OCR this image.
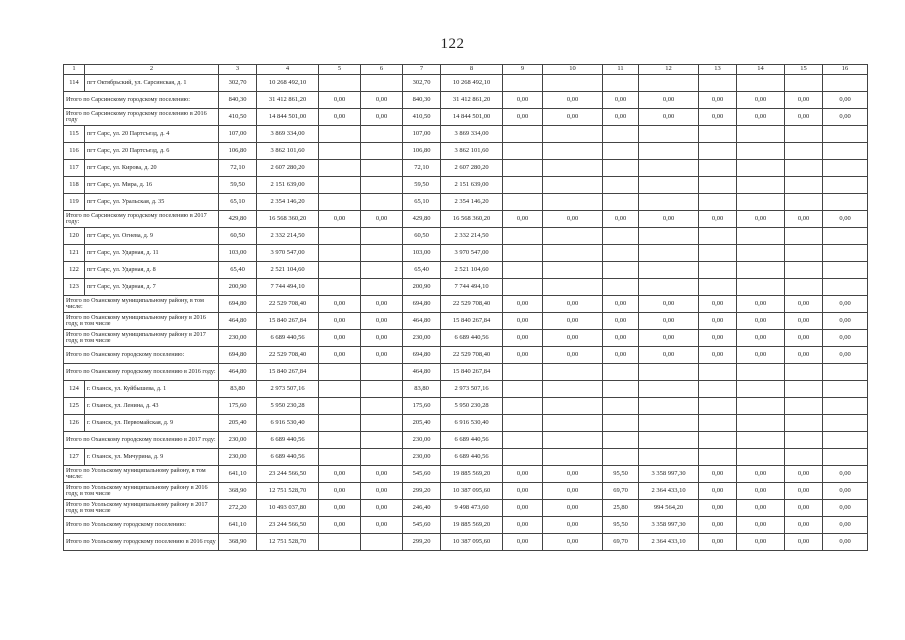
122
1	2	3	4	5	6	7	8	9	10	11	12	13	14	15	16
114	пгт Октябрьский, ул. Сарсинская, д. 1	302,70	10 268 492,10			302,70	10 268 492,10								
Итого по Сарсинскому городскому поселению:		840,30	31 412 861,20	0,00	0,00	840,30	31 412 861,20	0,00	0,00	0,00	0,00	0,00	0,00	0,00	0,00
Итого по Сарсинскому городскому поселению в 2016 году		410,50	14 844 501,00	0,00	0,00	410,50	14 844 501,00	0,00	0,00	0,00	0,00	0,00	0,00	0,00	0,00
115	пгт Сарс, ул. 20 Партсъезд, д. 4	107,00	3 869 334,00			107,00	3 869 334,00								
116	пгт Сарс, ул. 20 Партсъезд, д. 6	106,80	3 862 101,60			106,80	3 862 101,60								
117	пгт Сарс, ул. Кирова, д. 20	72,10	2 607 280,20			72,10	2 607 280,20								
118	пгт Сарс, ул. Мира, д. 16	59,50	2 151 639,00			59,50	2 151 639,00								
119	пгт Сарс, ул. Уральская, д. 35	65,10	2 354 146,20			65,10	2 354 146,20								
Итого по Сарсинскому городскому поселению в 2017 году:		429,80	16 568 360,20	0,00	0,00	429,80	16 568 360,20	0,00	0,00	0,00	0,00	0,00	0,00	0,00	0,00
120	пгт Сарс, ул. Огнева, д. 9	60,50	2 332 214,50			60,50	2 332 214,50								
121	пгт Сарс, ул. Ударная, д. 11	103,00	3 970 547,00			103,00	3 970 547,00								
122	пгт Сарс, ул. Ударная, д. 8	65,40	2 521 104,60			65,40	2 521 104,60								
123	пгт Сарс, ул. Ударная, д. 7	200,90	7 744 494,10			200,90	7 744 494,10								
Итого по Оханскому муниципальному району, в том числе:		694,80	22 529 708,40	0,00	0,00	694,80	22 529 708,40	0,00	0,00	0,00	0,00	0,00	0,00	0,00	0,00
Итого по Оханскому муниципальному району в 2016 году, в том числе		464,80	15 840 267,84	0,00	0,00	464,80	15 840 267,84	0,00	0,00	0,00	0,00	0,00	0,00	0,00	0,00
Итого по Оханскому муниципальному району в 2017 году, в том числе		230,00	6 689 440,56	0,00	0,00	230,00	6 689 440,56	0,00	0,00	0,00	0,00	0,00	0,00	0,00	0,00
Итого по Оханскому городскому поселению:		694,80	22 529 708,40	0,00	0,00	694,80	22 529 708,40	0,00	0,00	0,00	0,00	0,00	0,00	0,00	0,00
Итого по Оханскому городскому поселению в 2016 году:		464,80	15 840 267,84			464,80	15 840 267,84								
124	г. Оханск, ул. Куйбышева, д. 1	83,80	2 973 507,16			83,80	2 973 507,16								
125	г. Оханск, ул. Ленина, д. 43	175,60	5 950 230,28			175,60	5 950 230,28								
126	г. Оханск, ул. Первомайская, д. 9	205,40	6 916 530,40			205,40	6 916 530,40								
Итого по Оханскому городскому поселению в 2017 году:		230,00	6 689 440,56			230,00	6 689 440,56								
127	г. Оханск, ул. Мичурина, д. 9	230,00	6 689 440,56			230,00	6 689 440,56								
Итого по Усольскому муниципальному району, в том числе:		641,10	23 244 566,50	0,00	0,00	545,60	19 885 569,20	0,00	0,00	95,50	3 358 997,30	0,00	0,00	0,00	0,00
Итого по Усольскому муниципальному району в 2016 году, в том числе		368,90	12 751 528,70	0,00	0,00	299,20	10 387 095,60	0,00	0,00	69,70	2 364 433,10	0,00	0,00	0,00	0,00
Итого по Усольскому муниципальному району в 2017 году, в том числе		272,20	10 493 037,80	0,00	0,00	246,40	9 498 473,60	0,00	0,00	25,80	994 564,20	0,00	0,00	0,00	0,00
Итого по Усольскому городскому поселению:		641,10	23 244 566,50	0,00	0,00	545,60	19 885 569,20	0,00	0,00	95,50	3 358 997,30	0,00	0,00	0,00	0,00
Итого по Усольскому городскому поселению в 2016 году		368,90	12 751 528,70			299,20	10 387 095,60	0,00	0,00	69,70	2 364 433,10	0,00	0,00	0,00	0,00
